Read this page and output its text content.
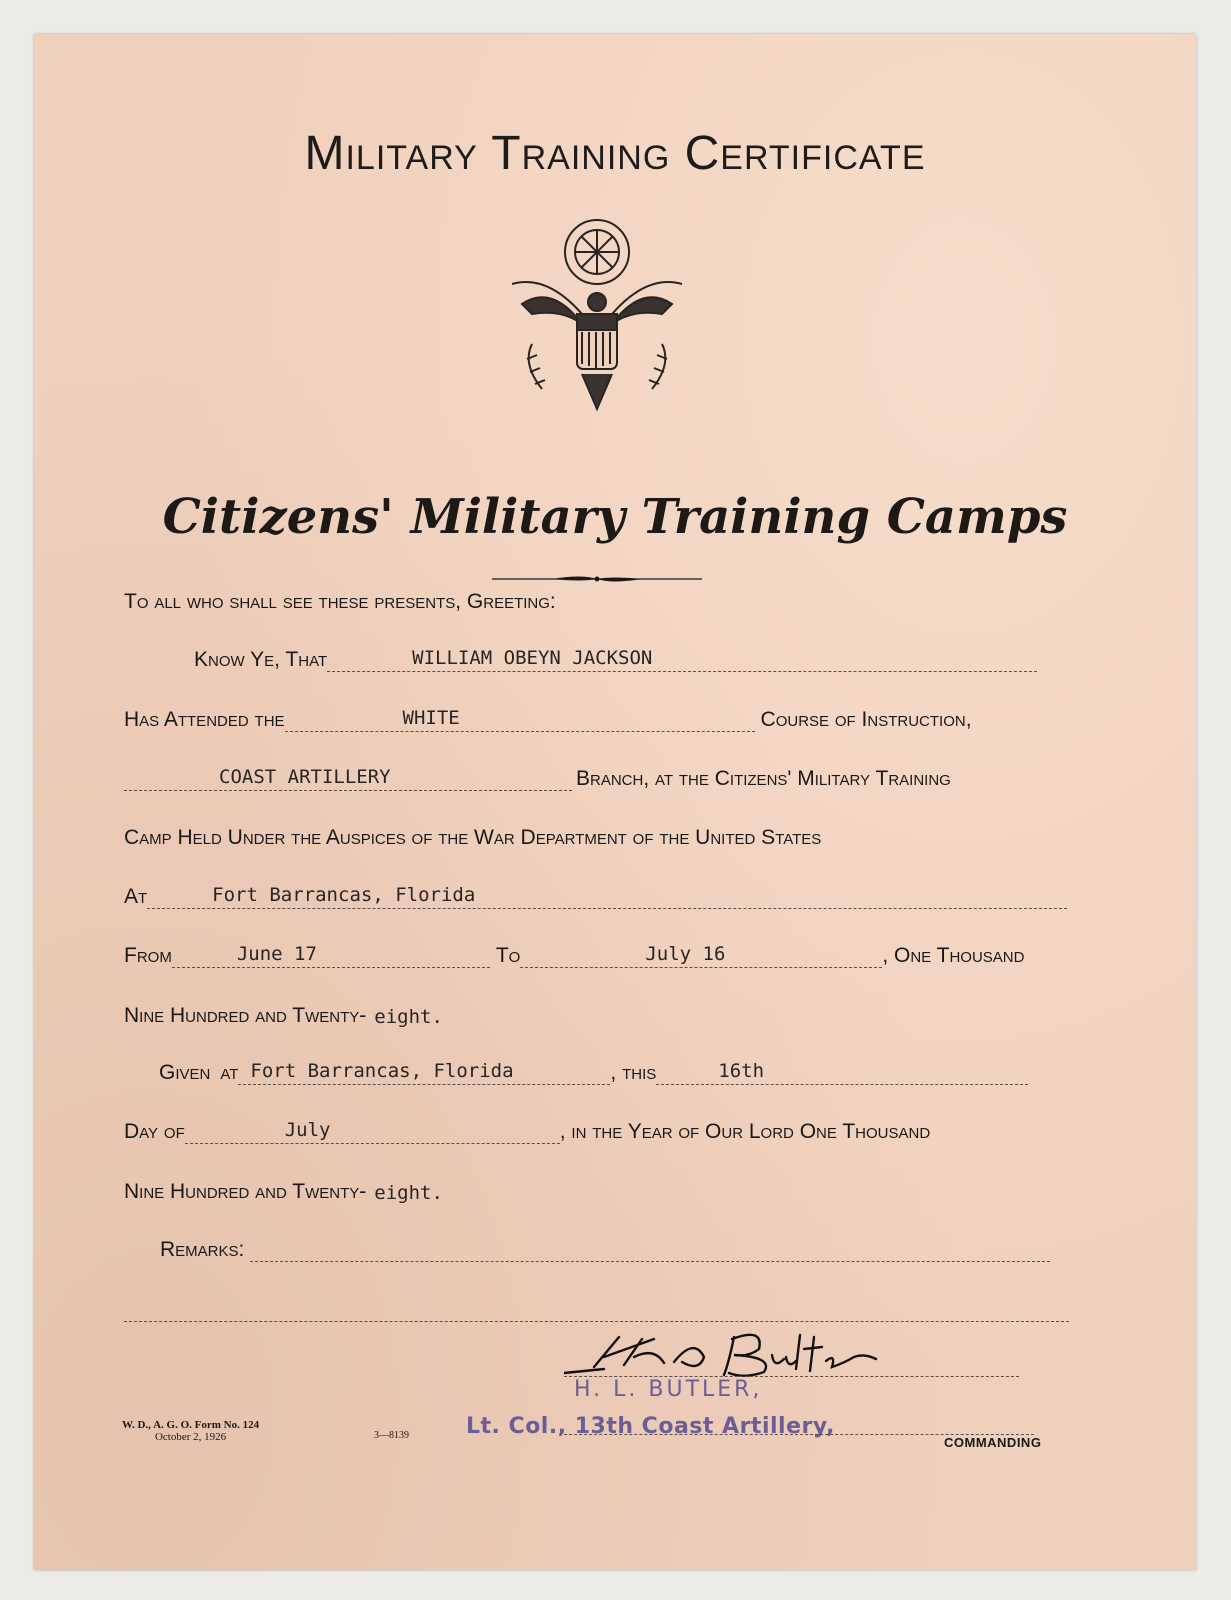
Military Training Certificate
Citizens' Military Training Camps
To all who shall see these presents, Greeting:
Know Ye, That	WILLIAM OBEYN JACKSON
Has Attended the	WHITE	Course of Instruction,
COAST ARTILLERY	Branch, at the Citizens' Military Training
Camp Held Under the Auspices of the War Department of the United States
At	Fort Barrancas, Florida
From	June 17	To	July 16	, One Thousand
Nine Hundred and Twenty- eight.
Given at Fort Barrancas, Florida	, this	16th
Day of	July	, in the Year of Our Lord One Thousand
Nine Hundred and Twenty- eight.
Remarks:
H. L. BUTLER,
Lt. Col., 13th Coast Artillery,
COMMANDING
W. D., A. G. O. Form No. 124
October 2, 1926	3—8139
